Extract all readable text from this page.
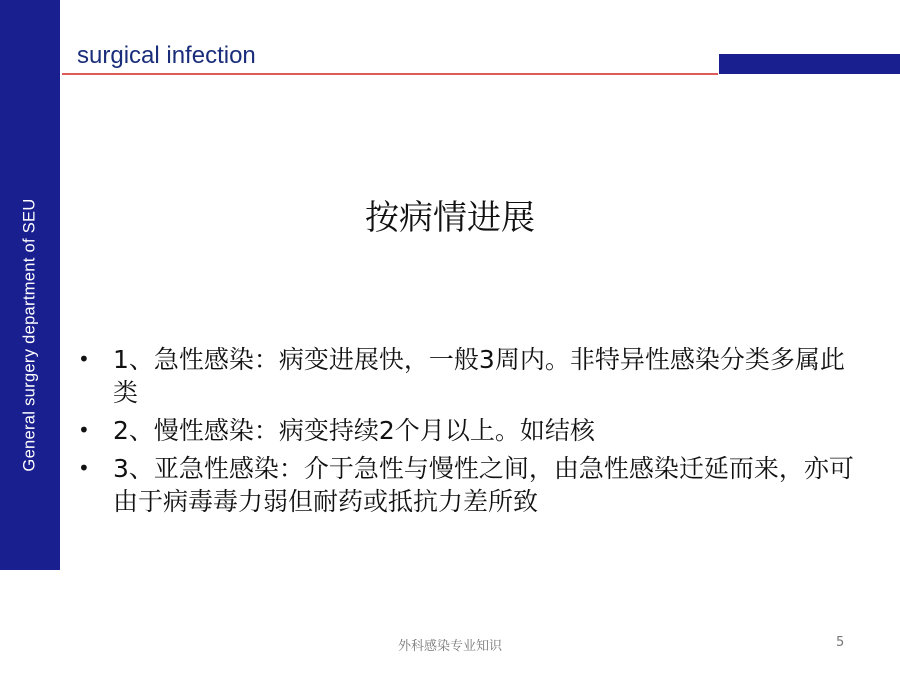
General surgery department of SEU
surgical infection
按病情进展
• 1、急性感染：病变进展快，一般3周内。非特异性感染分类多属此类
• 2、慢性感染：病变持续2个月以上。如结核
• 3、亚急性感染：介于急性与慢性之间，由急性感染迁延而来，亦可由于病毒毒力弱但耐药或抵抗力差所致
外科感染专业知识	5
